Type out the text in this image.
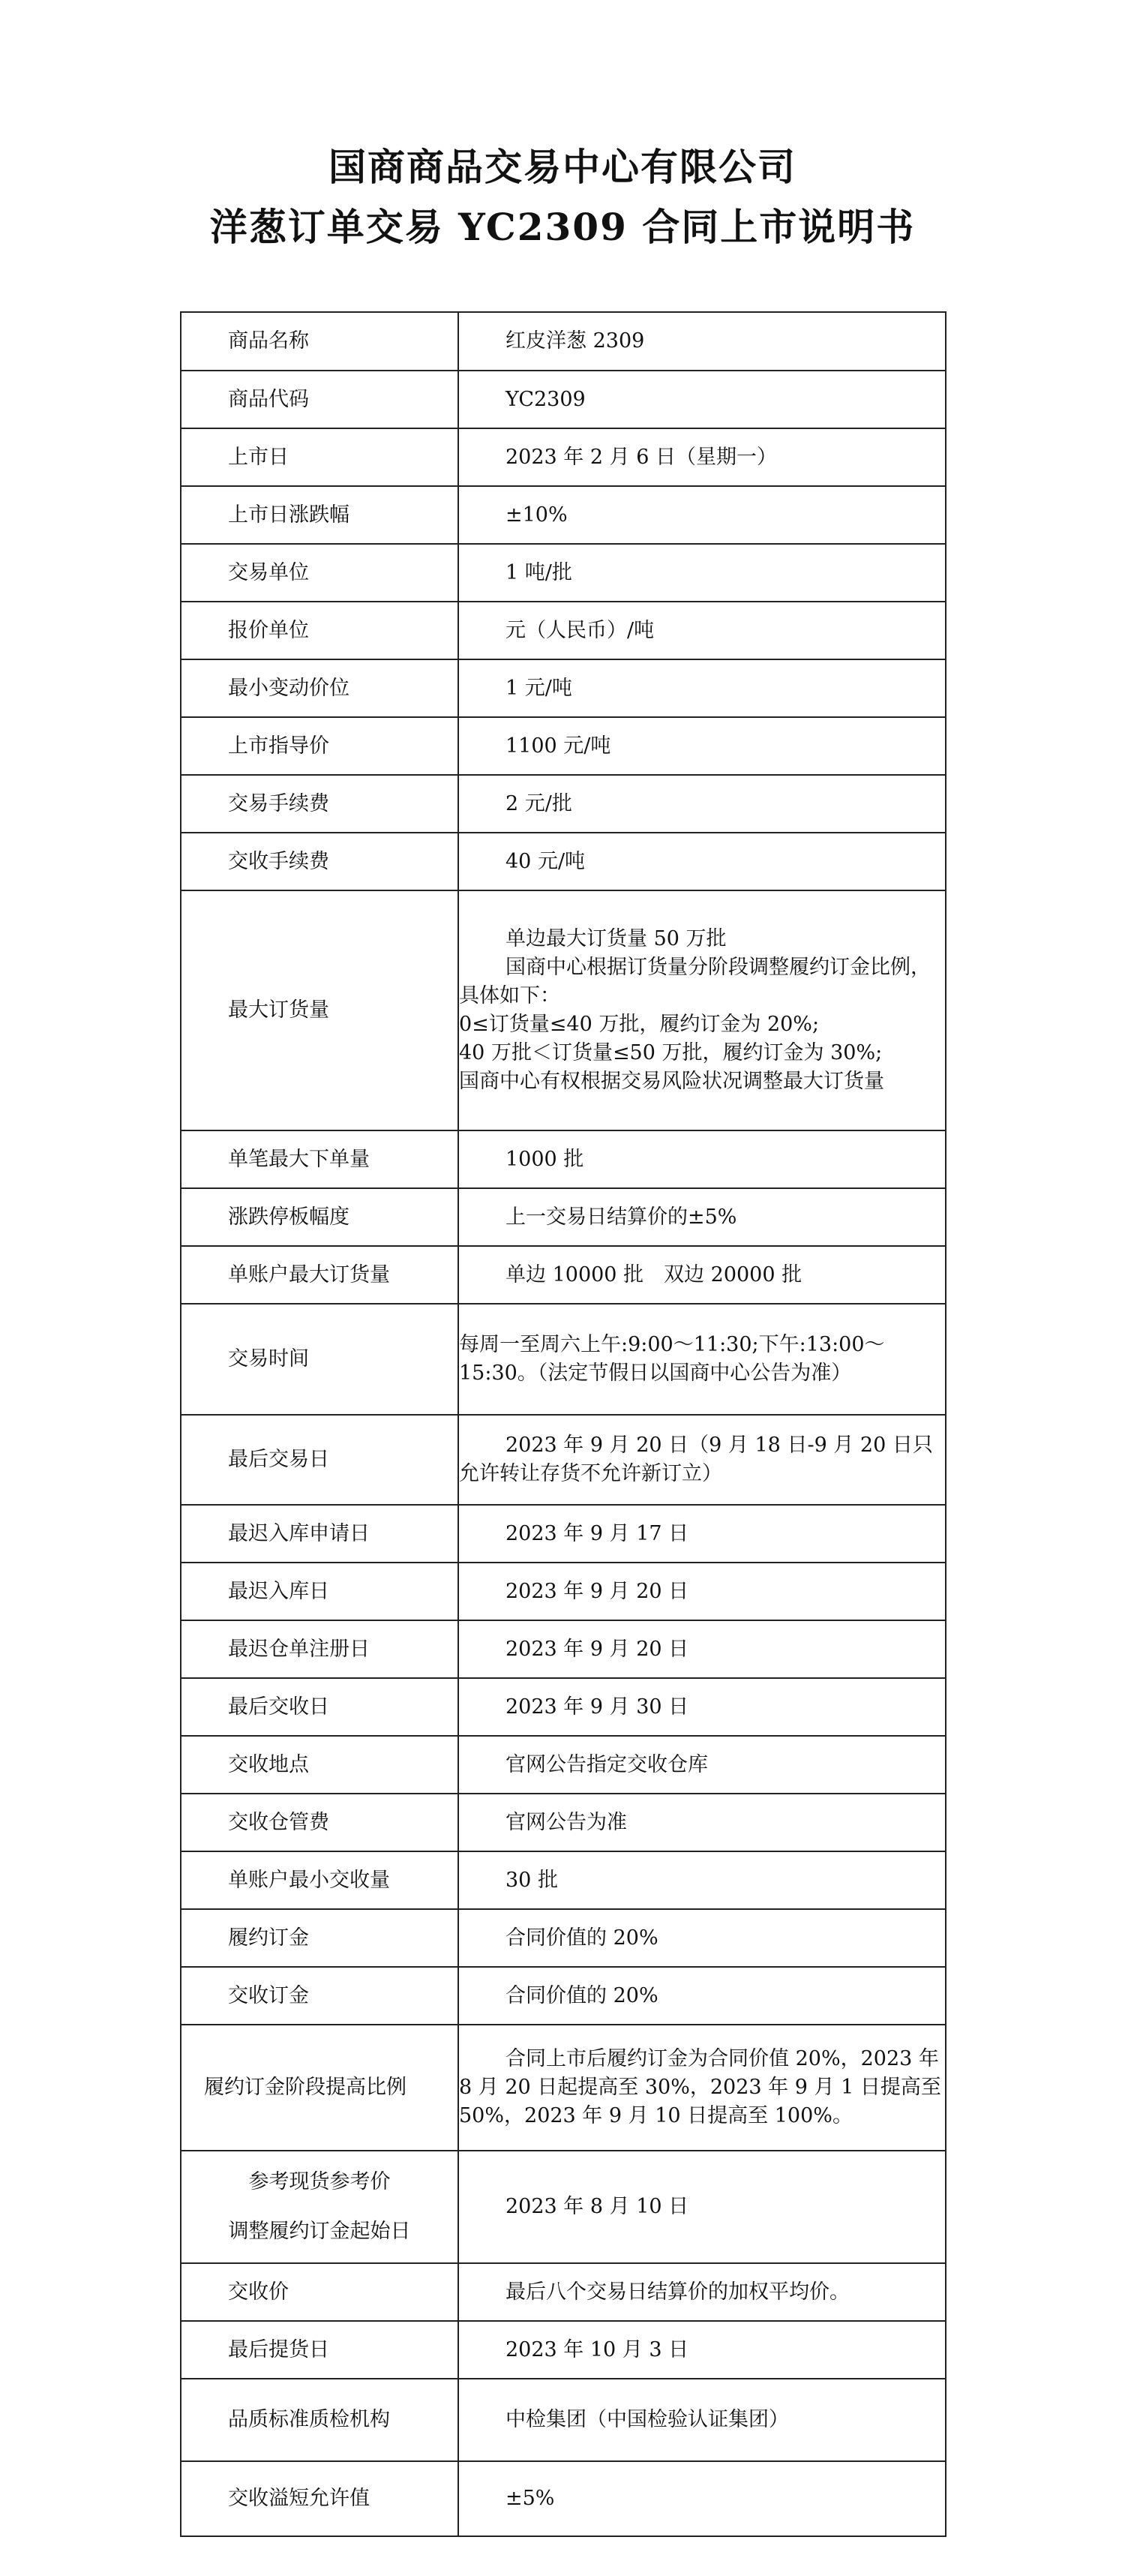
国商商品交易中心有限公司
洋葱订单交易 YC2309 合同上市说明书
商品名称	红皮洋葱 2309

商品代码	YC2309

上市日	2023 年 2 月 6 日（星期一）

上市日涨跌幅	±10%

交易单位	1 吨/批

报价单位	元（人民币）/吨

最小变动价位	1 元/吨

上市指导价	1100 元/吨

交易手续费	2 元/批

交收手续费	40 元/吨

最大订货量	单边最大订货量 50 万批
国商中心根据订货量分阶段调整履约订金比例，具体如下：
0≤订货量≤40 万批，履约订金为 20%;
40 万批＜订货量≤50 万批，履约订金为 30%;
国商中心有权根据交易风险状况调整最大订货量

单笔最大下单量	1000 批

涨跌停板幅度	上一交易日结算价的±5%

单账户最大订货量	单边 10000 批　双边 20000 批

交易时间	每周一至周六上午:9:00～11:30;下午:13:00～15:30。（法定节假日以国商中心公告为准）

最后交易日	2023 年 9 月 20 日（9 月 18 日-9 月 20 日只允许转让存货不允许新订立）

最迟入库申请日	2023 年 9 月 17 日

最迟入库日	2023 年 9 月 20 日

最迟仓单注册日	2023 年 9 月 20 日

最后交收日	2023 年 9 月 30 日

交收地点	官网公告指定交收仓库

交收仓管费	官网公告为准

单账户最小交收量	30 批

履约订金	合同价值的 20%

交收订金	合同价值的 20%

履约订金阶段提高比例	合同上市后履约订金为合同价值 20%，2023 年 8 月 20 日起提高至 30%，2023 年 9 月 1 日提高至 50%，2023 年 9 月 10 日提高至 100%。

参考现货参考价
调整履约订金起始日	2023 年 8 月 10 日

交收价	最后八个交易日结算价的加权平均价。

最后提货日	2023 年 10 月 3 日

品质标准质检机构	中检集团（中国检验认证集团）

交收溢短允许值	±5%
